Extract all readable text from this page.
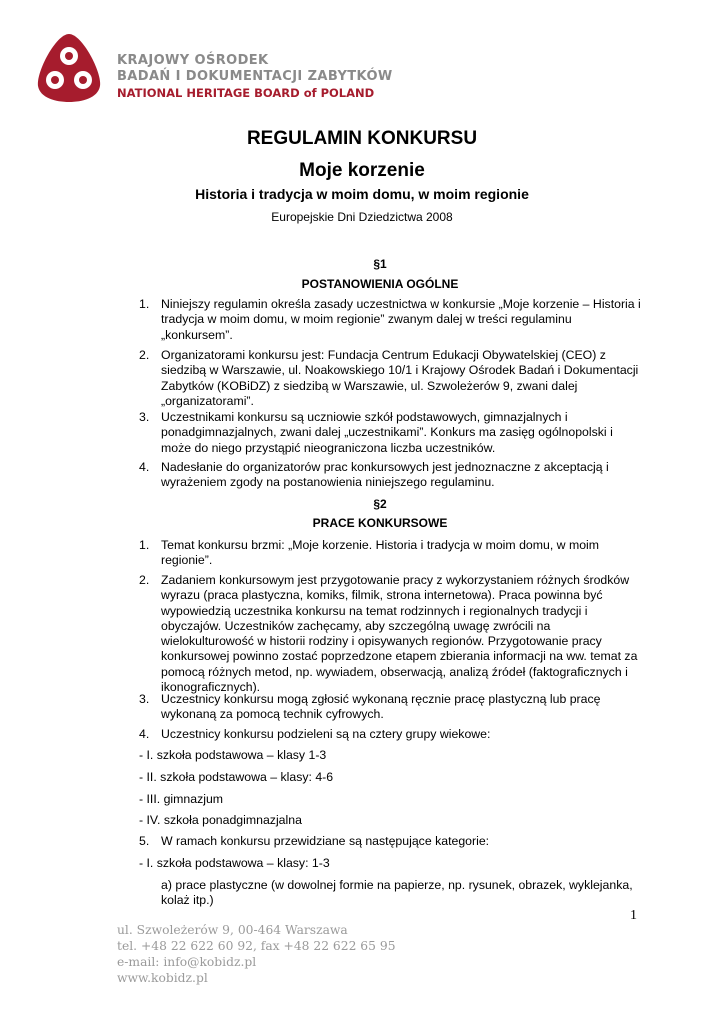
KRAJOWY OŚRODEK
BADAŃ I DOKUMENTACJI ZABYTKÓW
NATIONAL HERITAGE BOARD of POLAND
REGULAMIN KONKURSU
Moje korzenie
Historia i tradycja w moim domu, w moim regionie
Europejskie Dni Dziedzictwa 2008
§1
POSTANOWIENIA OGÓLNE
1. Niniejszy regulamin określa zasady uczestnictwa w konkursie „Moje korzenie – Historia i
tradycja w moim domu, w moim regionie” zwanym dalej w treści regulaminu
„konkursem”.
2. Organizatorami konkursu jest: Fundacja Centrum Edukacji Obywatelskiej (CEO) z
siedzibą w Warszawie, ul. Noakowskiego 10/1 i Krajowy Ośrodek Badań i Dokumentacji
Zabytków (KOBiDZ) z siedzibą w Warszawie, ul. Szwoleżerów 9, zwani dalej
„organizatorami”.
3. Uczestnikami konkursu są uczniowie szkół podstawowych, gimnazjalnych i
ponadgimnazjalnych, zwani dalej „uczestnikami”. Konkurs ma zasięg ogólnopolski i
może do niego przystąpić nieograniczona liczba uczestników.
4. Nadesłanie do organizatorów prac konkursowych jest jednoznaczne z akceptacją i
wyrażeniem zgody na postanowienia niniejszego regulaminu.
§2
PRACE KONKURSOWE
1. Temat konkursu brzmi: „Moje korzenie. Historia i tradycja w moim domu, w moim
regionie”.
2. Zadaniem konkursowym jest przygotowanie pracy z wykorzystaniem różnych środków
wyrazu (praca plastyczna, komiks, filmik, strona internetowa). Praca powinna być
wypowiedzią uczestnika konkursu na temat rodzinnych i regionalnych tradycji i
obyczajów. Uczestników zachęcamy, aby szczególną uwagę zwrócili na
wielokulturowość w historii rodziny i opisywanych regionów. Przygotowanie pracy
konkursowej powinno zostać poprzedzone etapem zbierania informacji na ww. temat za
pomocą różnych metod, np. wywiadem, obserwacją, analizą źródeł (faktograficznych i
ikonograficznych).
3. Uczestnicy konkursu mogą zgłosić wykonaną ręcznie pracę plastyczną lub pracę
wykonaną za pomocą technik cyfrowych.
4. Uczestnicy konkursu podzieleni są na cztery grupy wiekowe:
- I. szkoła podstawowa – klasy 1-3
- II. szkoła podstawowa – klasy: 4-6
- III. gimnazjum
- IV. szkoła ponadgimnazjalna
5. W ramach konkursu przewidziane są następujące kategorie:
- I. szkoła podstawowa – klasy: 1-3
a) prace plastyczne (w dowolnej formie na papierze, np. rysunek, obrazek, wyklejanka,
kolaż itp.)
1
ul. Szwoleżerów 9, 00-464 Warszawa
tel. +48 22 622 60 92, fax +48 22 622 65 95
e-mail: info@kobidz.pl
www.kobidz.pl
